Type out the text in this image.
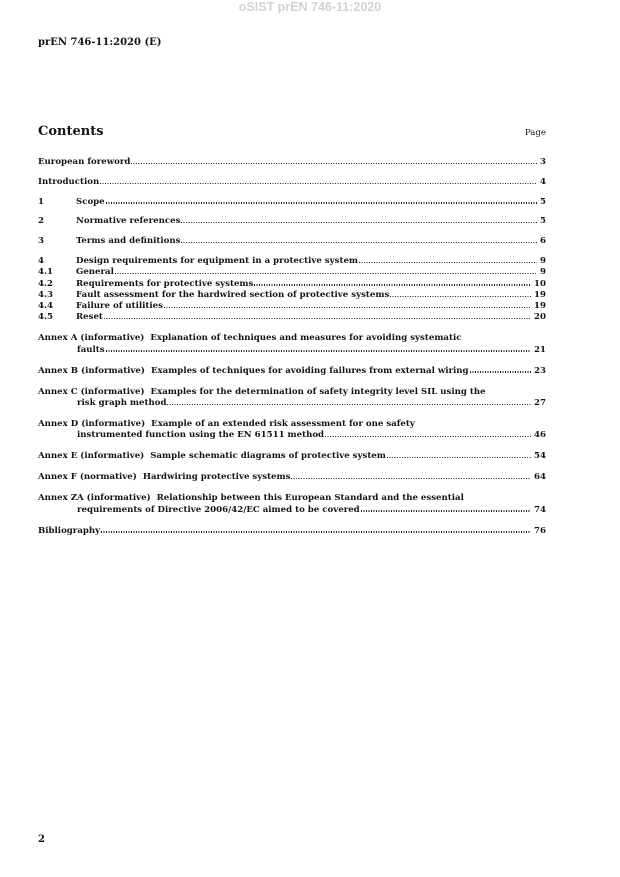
oSIST prEN 746-11:2020
prEN 746-11:2020 (E)
Contents	Page
European foreword	3
Introduction	4
1	Scope	5
2	Normative references	5
3	Terms and definitions	6
4	Design requirements for equipment in a protective system	9
4.1	General	9
4.2	Requirements for protective systems	10
4.3	Fault assessment for the hardwired section of protective systems	19
4.4	Failure of utilities	19
4.5	Reset	20
Annex A (informative) Explanation of techniques and measures for avoiding systematic
faults	21
Annex B (informative) Examples of techniques for avoiding failures from external wiring	23
Annex C (informative) Examples for the determination of safety integrity level SIL using the
risk graph method	27
Annex D (informative) Example of an extended risk assessment for one safety
instrumented function using the EN 61511 method	46
Annex E (informative) Sample schematic diagrams of protective system	54
Annex F (normative) Hardwiring protective systems	64
Annex ZA (informative) Relationship between this European Standard and the essential
requirements of Directive 2006/42/EC aimed to be covered	74
Bibliography	76
2
